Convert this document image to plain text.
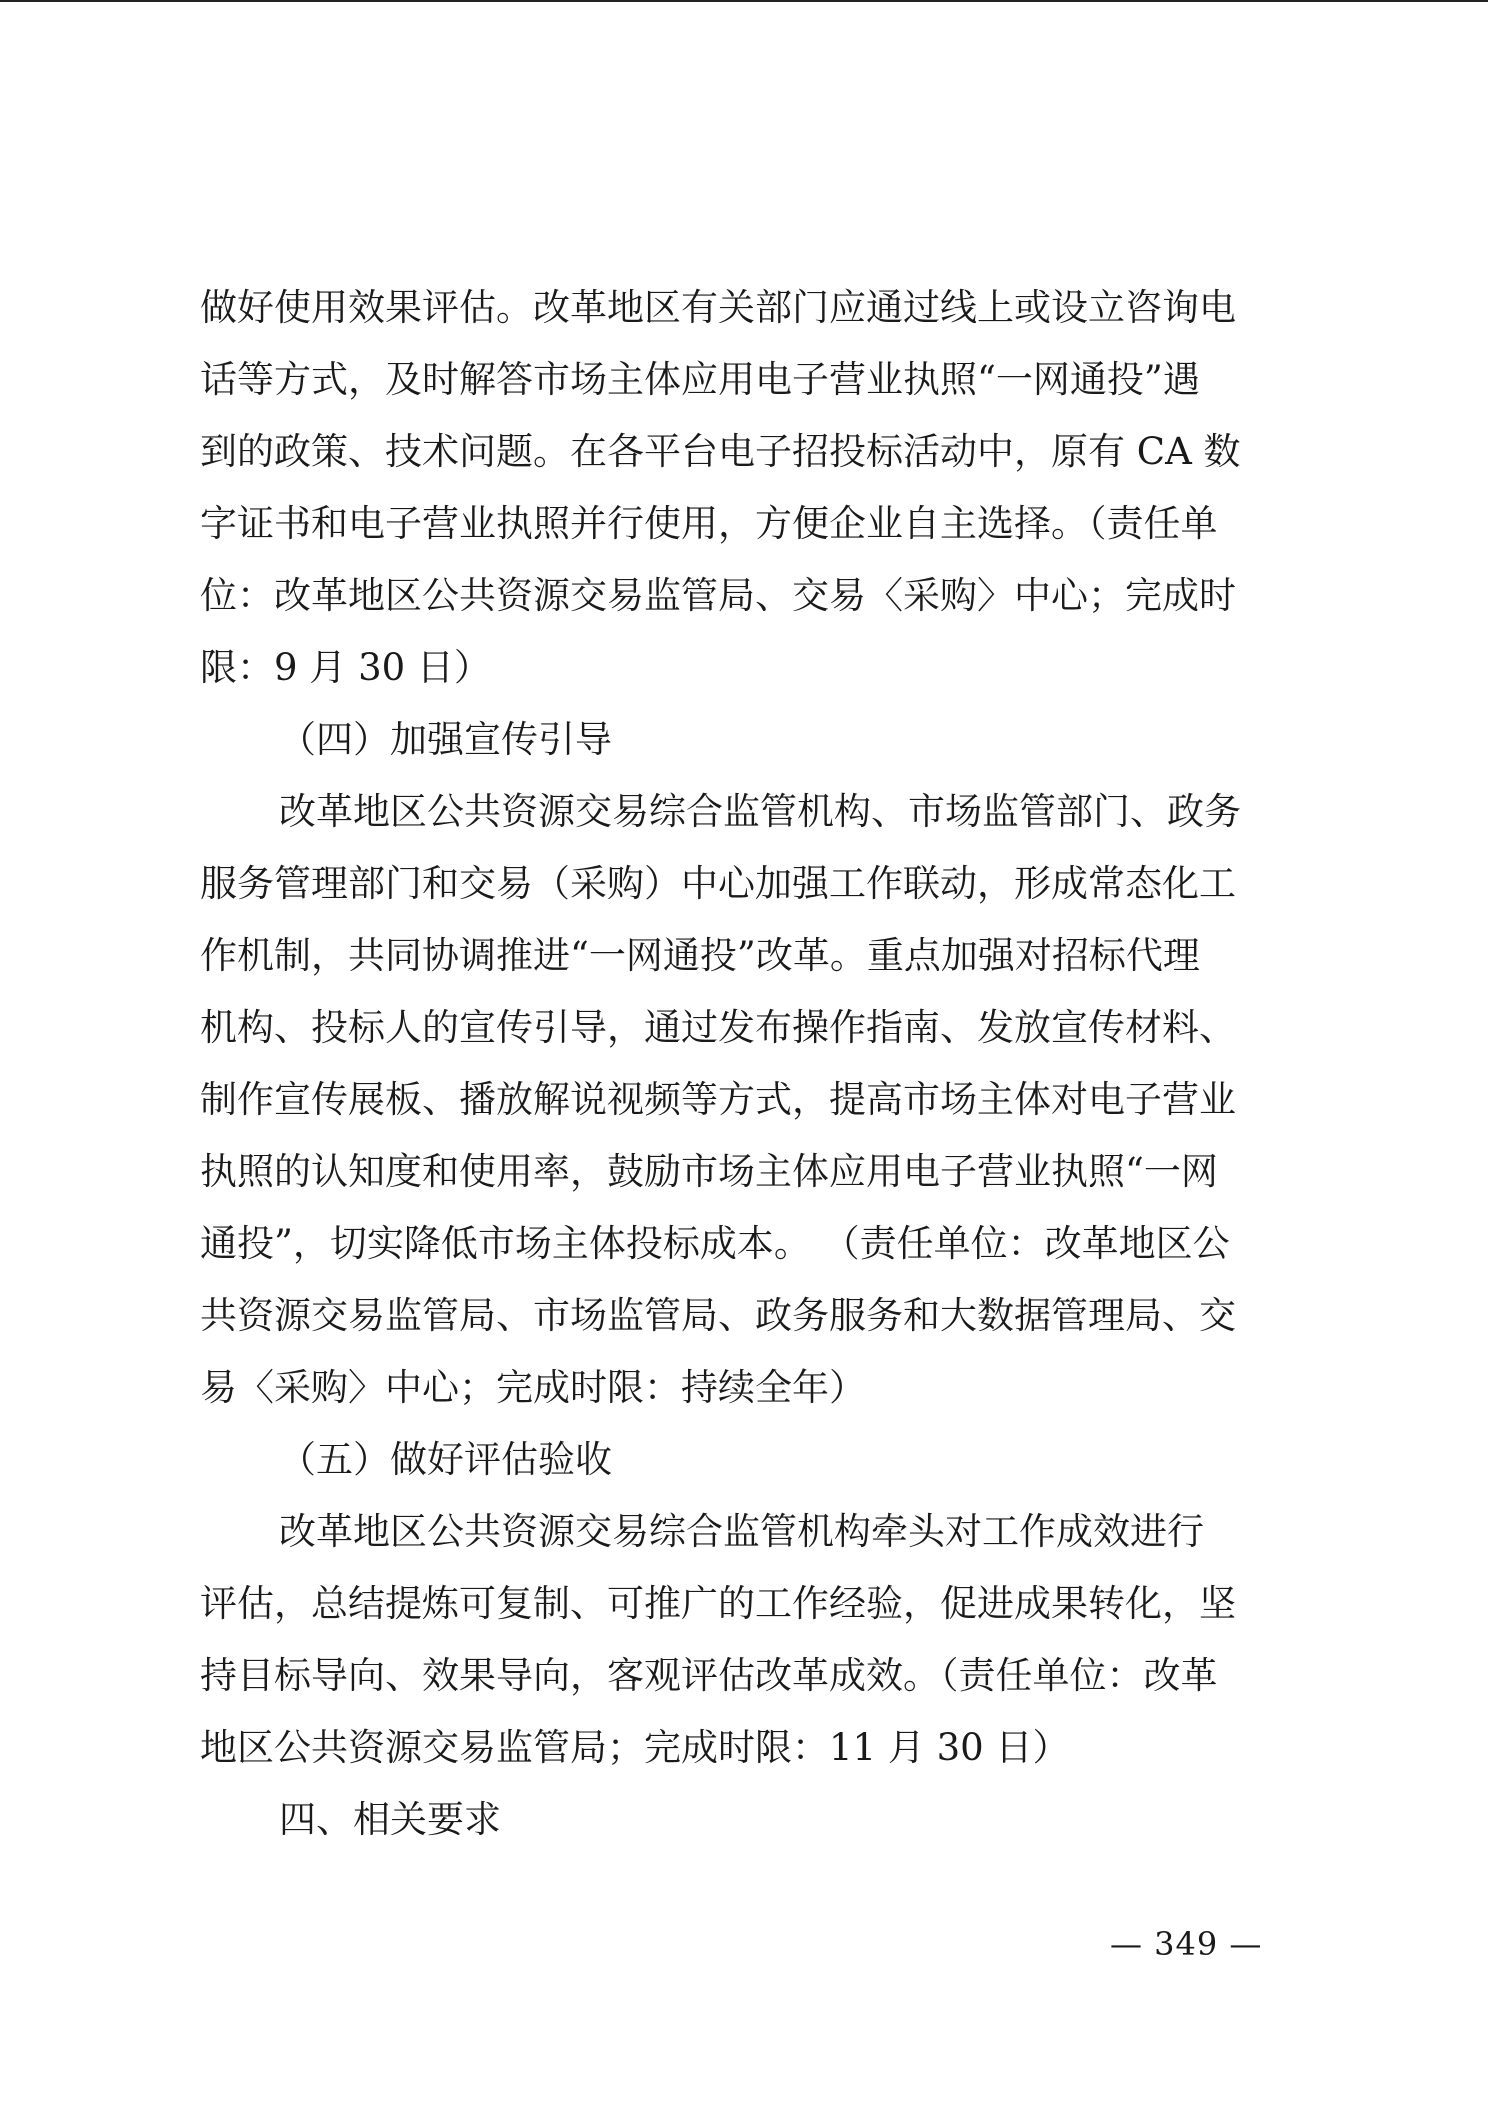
做好使用效果评估。改革地区有关部门应通过线上或设立咨询电
话等方式，及时解答市场主体应用电子营业执照“一网通投”遇
到的政策、技术问题。在各平台电子招投标活动中，原有 CA 数
字证书和电子营业执照并行使用，方便企业自主选择。（责任单
位：改革地区公共资源交易监管局、交易〈采购〉中心；完成时
限：9 月 30 日）
（四）加强宣传引导
改革地区公共资源交易综合监管机构、市场监管部门、政务
服务管理部门和交易（采购）中心加强工作联动，形成常态化工
作机制，共同协调推进“一网通投”改革。重点加强对招标代理
机构、投标人的宣传引导，通过发布操作指南、发放宣传材料、
制作宣传展板、播放解说视频等方式，提高市场主体对电子营业
执照的认知度和使用率，鼓励市场主体应用电子营业执照“一网
通投”，切实降低市场主体投标成本。 （责任单位：改革地区公
共资源交易监管局、市场监管局、政务服务和大数据管理局、交
易〈采购〉中心；完成时限：持续全年）
（五）做好评估验收
改革地区公共资源交易综合监管机构牵头对工作成效进行
评估，总结提炼可复制、可推广的工作经验，促进成果转化，坚
持目标导向、效果导向，客观评估改革成效。（责任单位：改革
地区公共资源交易监管局；完成时限：11 月 30 日）
四、相关要求
— 349 —
